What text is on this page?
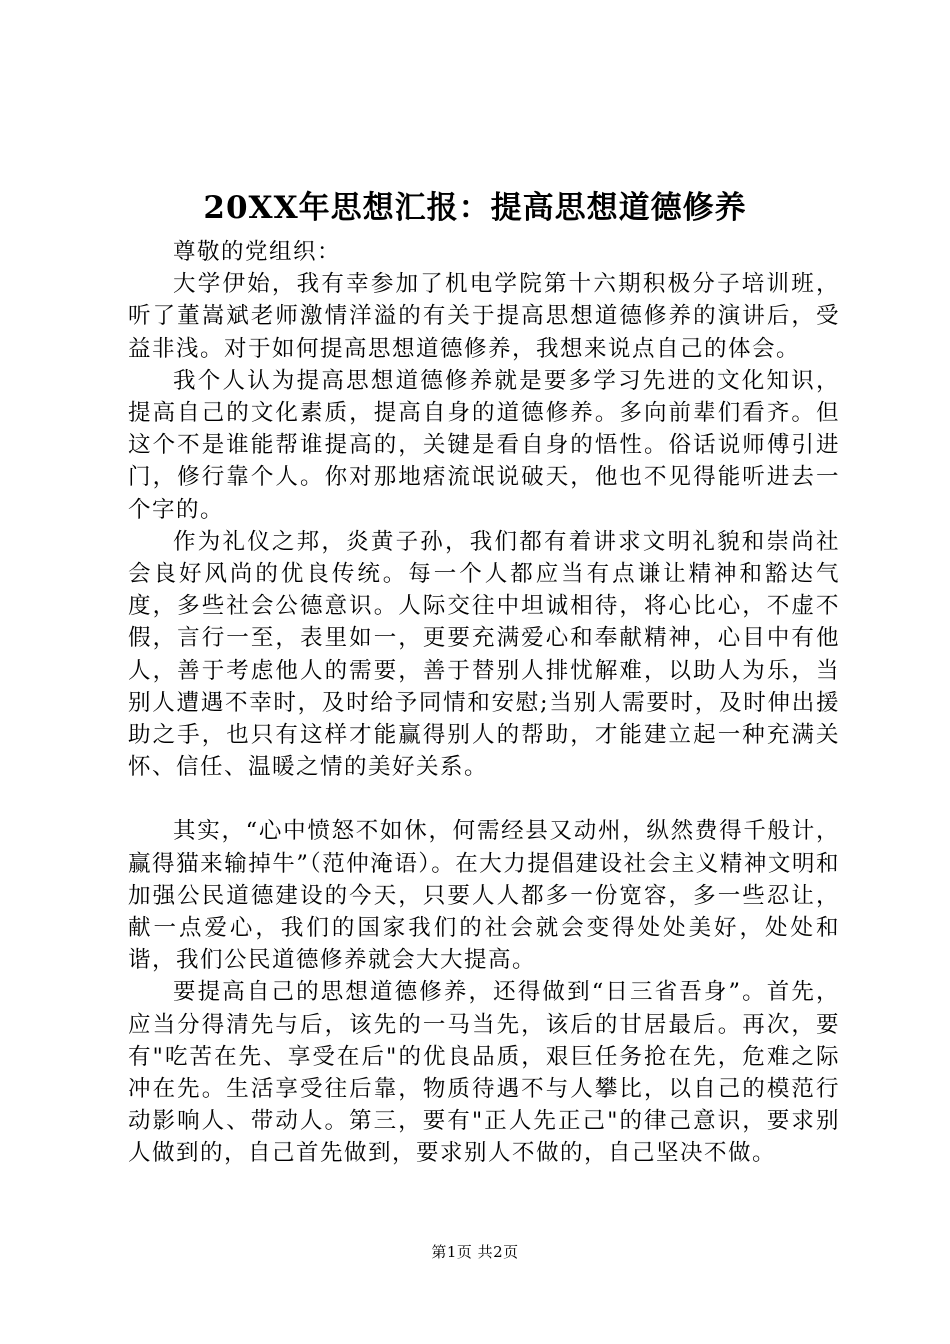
20XX年思想汇报：提高思想道德修养

尊敬的党组织：

大学伊始，我有幸参加了机电学院第十六期积极分子培训班，听了董嵩斌老师激情洋溢的有关于提高思想道德修养的演讲后，受益非浅。对于如何提高思想道德修养，我想来说点自己的体会。

我个人认为提高思想道德修养就是要多学习先进的文化知识，提高自己的文化素质，提高自身的道德修养。多向前辈们看齐。但这个不是谁能帮谁提高的，关键是看自身的悟性。俗话说师傅引进门，修行靠个人。你对那地痞流氓说破天，他也不见得能听进去一个字的。

作为礼仪之邦，炎黄子孙，我们都有着讲求文明礼貌和崇尚社会良好风尚的优良传统。每一个人都应当有点谦让精神和豁达气度，多些社会公德意识。人际交往中坦诚相待，将心比心，不虚不假，言行一至，表里如一，更要充满爱心和奉献精神，心目中有他人，善于考虑他人的需要，善于替别人排忧解难，以助人为乐，当别人遭遇不幸时，及时给予同情和安慰;当别人需要时，及时伸出援助之手，也只有这样才能赢得别人的帮助，才能建立起一种充满关怀、信任、温暖之情的美好关系。

其实，“心中愤怒不如休，何需经县又动州，纵然费得千般计，赢得猫来输掉牛”（范仲淹语）。在大力提倡建设社会主义精神文明和加强公民道德建设的今天，只要人人都多一份宽容，多一些忍让，献一点爱心，我们的国家我们的社会就会变得处处美好，处处和谐，我们公民道德修养就会大大提高。

要提高自己的思想道德修养，还得做到“日三省吾身”。首先，应当分得清先与后，该先的一马当先，该后的甘居最后。再次，要有"吃苦在先、享受在后"的优良品质，艰巨任务抢在先，危难之际冲在先。生活享受往后靠，物质待遇不与人攀比，以自己的模范行动影响人、带动人。第三，要有"正人先正己"的律己意识，要求别人做到的，自己首先做到，要求别人不做的，自己坚决不做。

第1页 共2页
